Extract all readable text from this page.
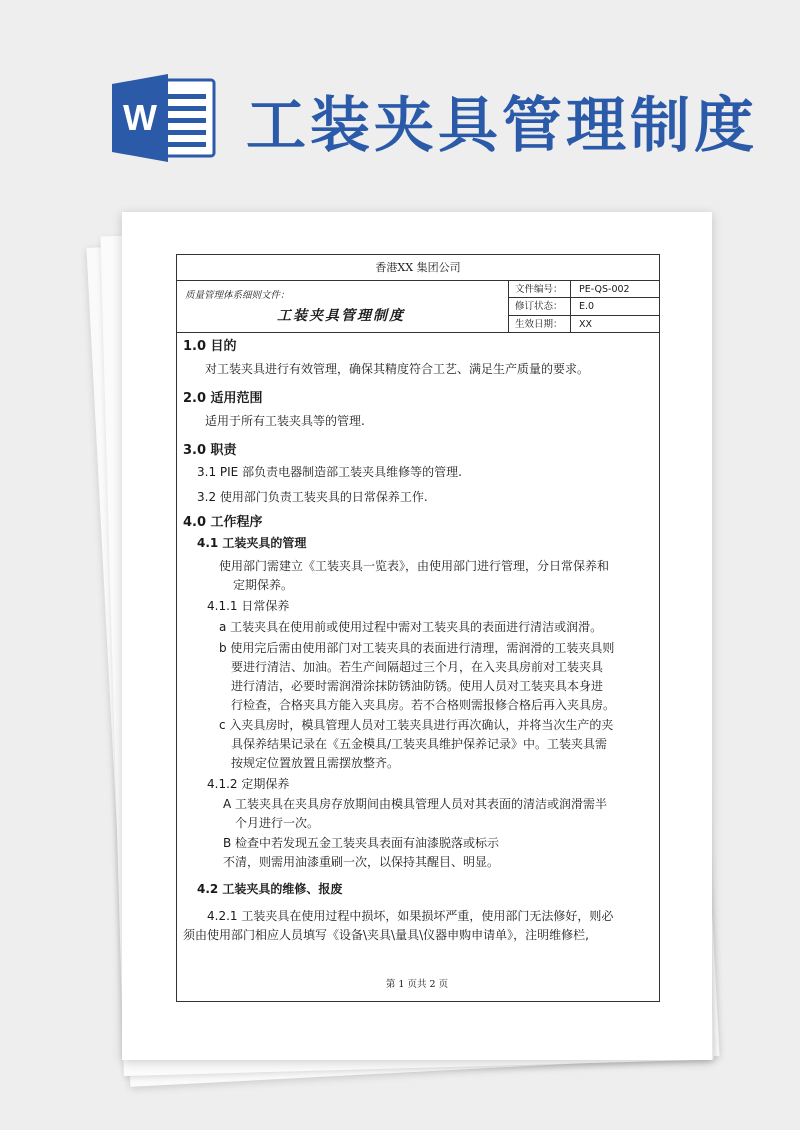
W 工装夹具管理制度
香港XX 集团公司
质量管理体系细则文件：
工装夹具管理制度
文件编号：	PE-QS-002
修订状态：	E.0
生效日期：	XX
1.0 目的
对工装夹具进行有效管理，确保其精度符合工艺、满足生产质量的要求。
2.0 适用范围
适用于所有工装夹具等的管理.
3.0 职责
3.1 PIE 部负责电器制造部工装夹具维修等的管理.
3.2 使用部门负责工装夹具的日常保养工作.
4.0 工作程序
4.1 工装夹具的管理
使用部门需建立《工装夹具一览表》，由使用部门进行管理，分日常保养和
定期保养。
4.1.1 日常保养
a 工装夹具在使用前或使用过程中需对工装夹具的表面进行清洁或润滑。
b 使用完后需由使用部门对工装夹具的表面进行清理，需润滑的工装夹具则
要进行清洁、加油。若生产间隔超过三个月，在入夹具房前对工装夹具
进行清洁，必要时需润滑涂抹防锈油防锈。使用人员对工装夹具本身进
行检查，合格夹具方能入夹具房。若不合格则需报修合格后再入夹具房。
c 入夹具房时，模具管理人员对工装夹具进行再次确认，并将当次生产的夹
具保养结果记录在《五金模具/工装夹具维护保养记录》中。工装夹具需
按规定位置放置且需摆放整齐。
4.1.2 定期保养
A 工装夹具在夹具房存放期间由模具管理人员对其表面的清洁或润滑需半
个月进行一次。
B 检查中若发现五金工装夹具表面有油漆脱落或标示
不清，则需用油漆重刷一次，以保持其醒目、明显。
4.2 工装夹具的维修、报废
4.2.1 工装夹具在使用过程中损坏，如果损坏严重，使用部门无法修好，则必
须由使用部门相应人员填写《设备\夹具\量具\仪器申购申请单》，注明维修栏,
第 1 页共 2 页
